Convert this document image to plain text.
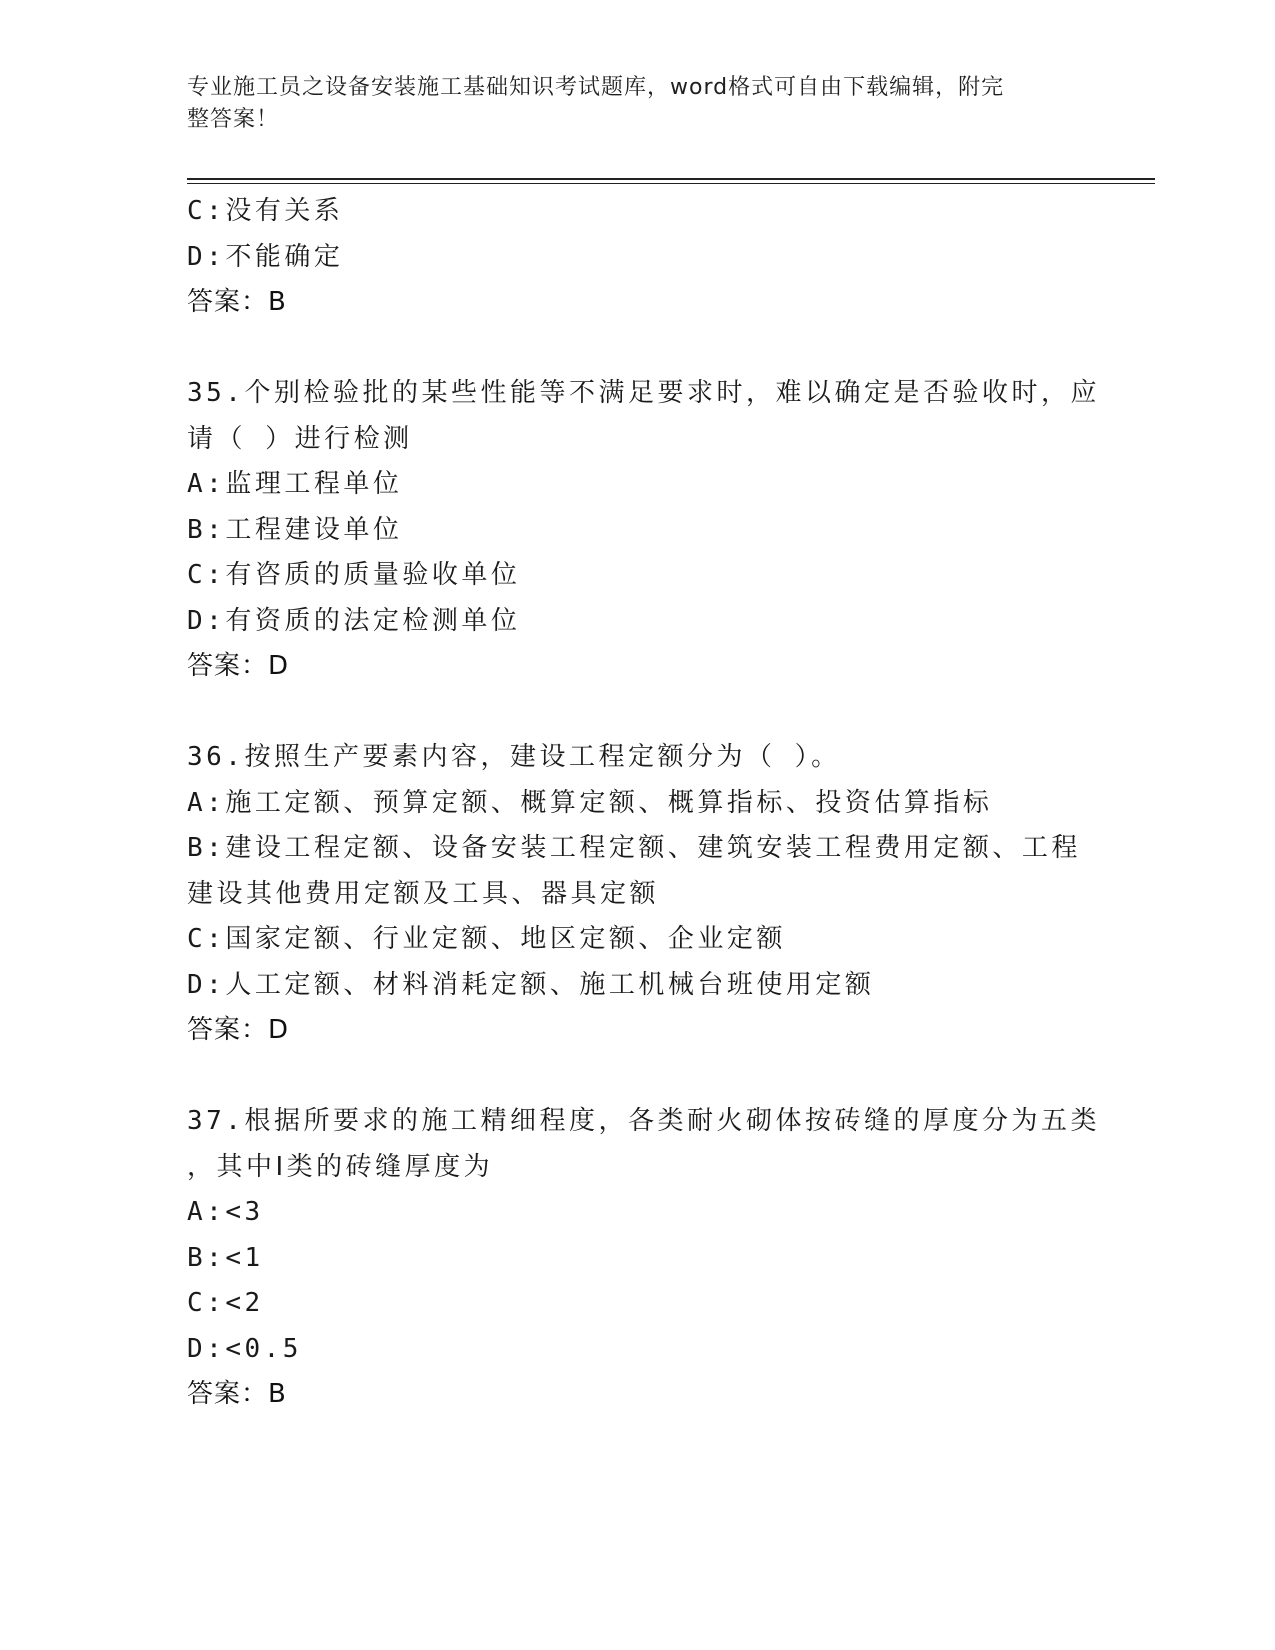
专业施工员之设备安装施工基础知识考试题库，word格式可自由下载编辑，附完
整答案！
C:没有关系
D:不能确定
答案：B
35.个别检验批的某些性能等不满足要求时，难以确定是否验收时，应
请（ ）进行检测
A:监理工程单位
B:工程建设单位
C:有咨质的质量验收单位
D:有资质的法定检测单位
答案：D
36.按照生产要素内容，建设工程定额分为（ ）。
A:施工定额、预算定额、概算定额、概算指标、投资估算指标
B:建设工程定额、设备安装工程定额、建筑安装工程费用定额、工程
建设其他费用定额及工具、器具定额
C:国家定额、行业定额、地区定额、企业定额
D:人工定额、材料消耗定额、施工机械台班使用定额
答案：D
37.根据所要求的施工精细程度，各类耐火砌体按砖缝的厚度分为五类
，其中Ⅰ类的砖缝厚度为
A:<3
B:<1
C:<2
D:<0.5
答案：B
